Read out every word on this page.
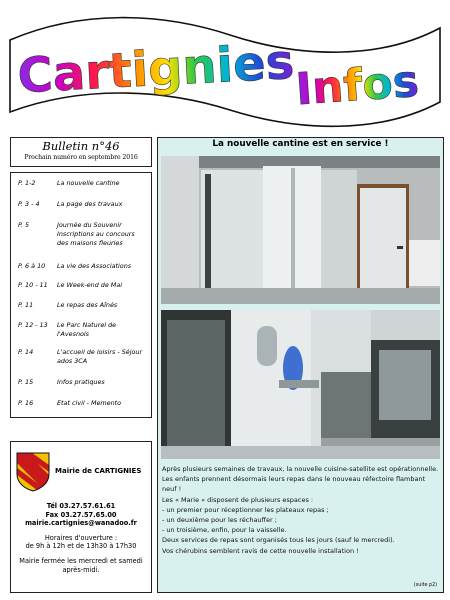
Cartignies
Infos
Bulletin n°46
Prochain numéro en septembre 2016
P. 1-2	La nouvelle cantine
P. 3 - 4	La page des travaux
P. 5	Journée du Souvenir Inscriptions au concours des maisons fleuries
P. 6 à 10	La vie des Associations
P. 10 - 11	Le Week-end de Mai
P. 11	Le repas des Aînés
P. 12 - 13	Le Parc Naturel de l'Avesnois
P. 14	L'accueil de loisirs - Séjour ados 3CA
P. 15	Infos pratiques
P. 16	Etat civil - Memento
Mairie de CARTIGNIES
Tél 03.27.57.61.61
Fax 03.27.57.65.00
mairie.cartignies@wanadoo.fr
Horaires d'ouverture :
de 9h à 12h et de 13h30 à 17h30
Mairie fermée les mercredi et samedi après-midi.
La nouvelle cantine est en service !

Après plusieurs semaines de travaux, la nouvelle cuisine-satellite est opérationnelle.

Les enfants prennent désormais leurs repas dans le nouveau réfectoire flambant neuf !

Les « Marie » disposent de plusieurs espaces :

- un premier pour réceptionner les plateaux repas ;

- un deuxième pour les réchauffer ;

- un troisième, enfin, pour la vaisselle.

Deux services de repas sont organisés tous les jours (sauf le mercredi).

Vos chérubins semblent ravis de cette nouvelle installation !

(suite p2)
